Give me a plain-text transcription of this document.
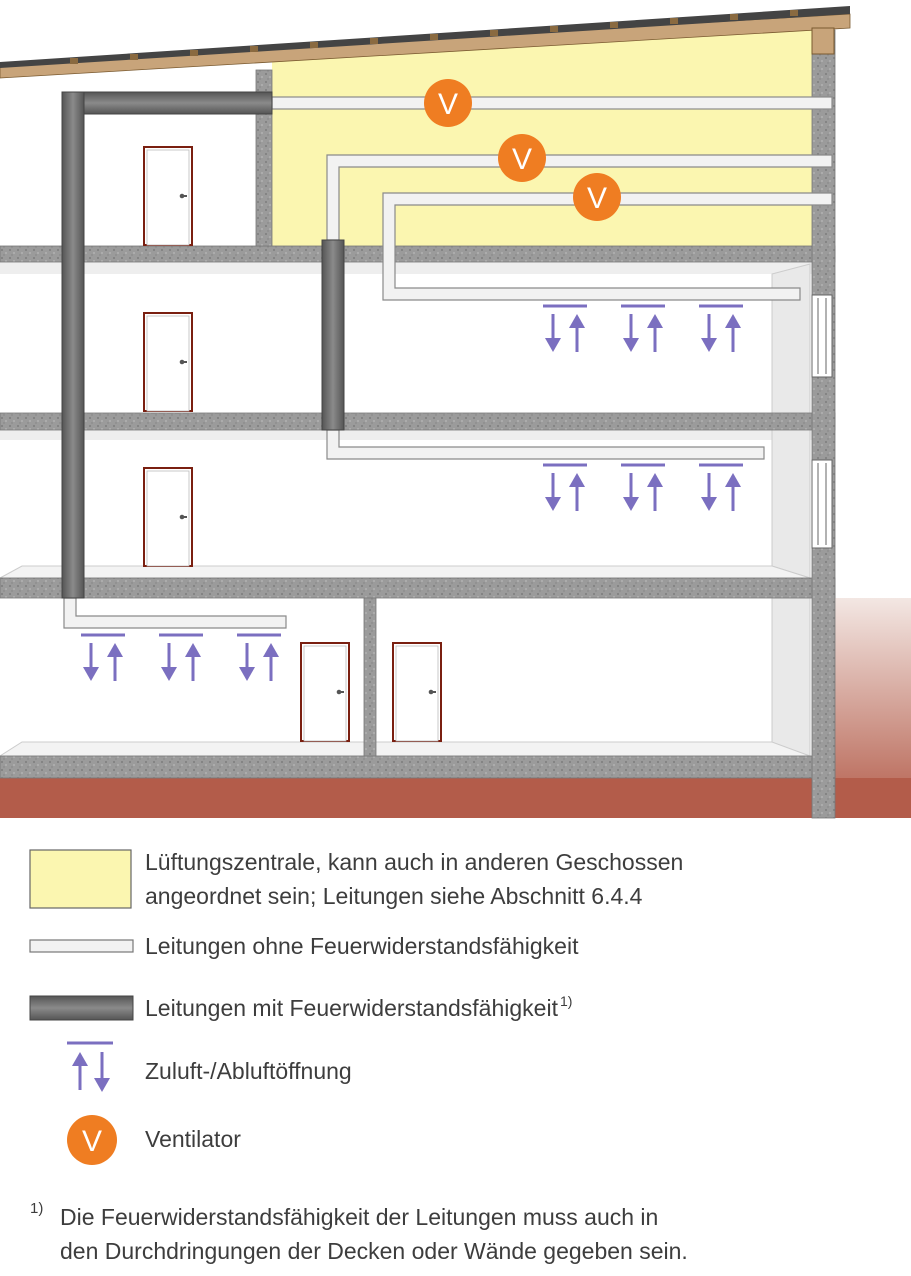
V
V
V
V
Lüftungszentrale, kann auch in anderen Geschossen
angeordnet sein; Leitungen siehe Abschnitt 6.4.4
Leitungen ohne Feuerwiderstandsfähigkeit
Leitungen mit Feuerwiderstandsfähigkeit $^{1)}$
Zuluft-/Abluftöffnung
Ventilator
1) Die Feuerwiderstandsfähigkeit der Leitungen muss auch in
den Durchdringungen der Decken oder Wände gegeben sein.
